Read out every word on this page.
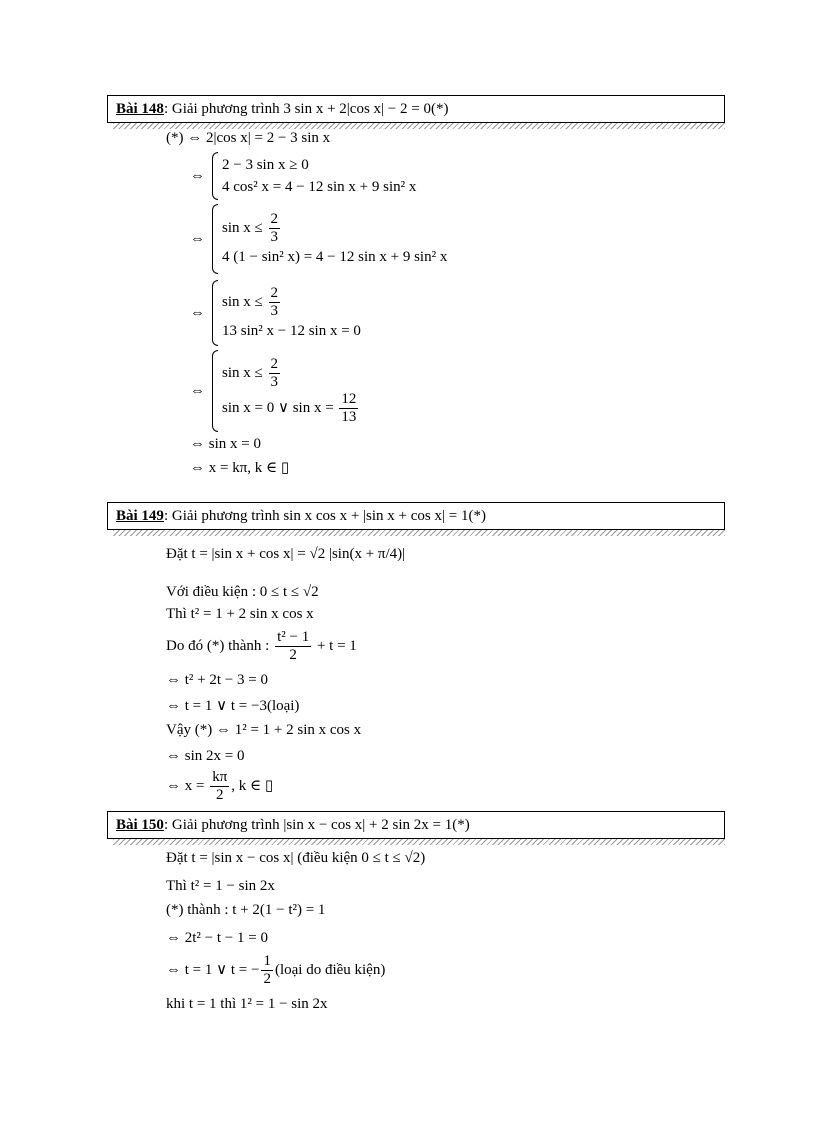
Bài 148: Giải phương trình 3 sin x + 2|cos x| − 2 = 0(*)
(*) ⇔ 2|cos x| = 2 − 3 sin x
⇔
2 − 3 sin x ≥ 0
4 cos² x = 4 − 12 sin x + 9 sin² x
⇔
$\sin x \le \frac{2}{3}$
4 (1 − sin² x) = 4 − 12 sin x + 9 sin² x
⇔
$\sin x \le \frac{2}{3}$
13 sin² x − 12 sin x = 0
⇔
$\sin x \le \frac{2}{3}$
sin x = 0 ∨ $\sin x = \frac{12}{13}$
⇔ sin x = 0
⇔ x = kπ, k ∈ ▯
Bài 149: Giải phương trình sin x cos x + |sin x + cos x| = 1(*)
Đặt t = |sin x + cos x| = √2 |sin(x + π/4)|
Với điều kiện : 0 ≤ t ≤ √2
Thì t² = 1 + 2 sin x cos x
Do đó (*) thành : $\frac{\text{t² − 1}}{2} + t = 1$
⇔ t² + 2t − 3 = 0
⇔ t = 1 ∨ t = −3(loại)
Vậy (*) ⇔ 1² = 1 + 2 sin x cos x
⇔ sin 2x = 0
⇔ $x = \frac{k\pi}{2}$ , k ∈ ▯
Bài 150: Giải phương trình |sin x − cos x| + 2 sin 2x = 1(*)
Đặt t = |sin x − cos x| (điều kiện 0 ≤ t ≤ √2)
Thì t² = 1 − sin 2x
(*) thành : t + 2(1 − t²) = 1
⇔ 2t² − t − 1 = 0
⇔ t = 1 ∨ t = − $\frac{1}{2}$ (loại do điều kiện)
khi t = 1 thì 1² = 1 − sin 2x
